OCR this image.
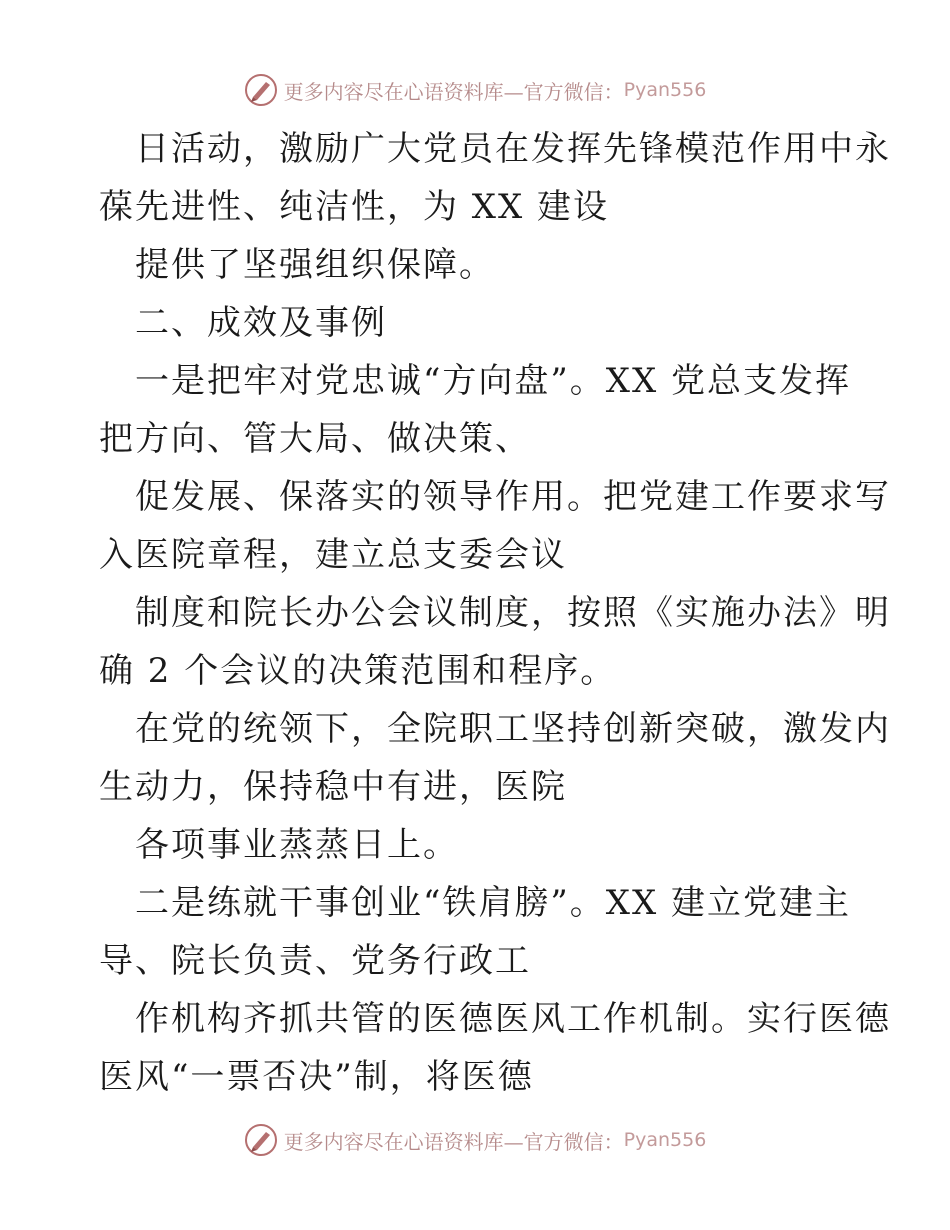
更多内容尽在心语资料库—官方微信： Pyan556
日活动，激励广大党员在发挥先锋模范作用中永
葆先进性、纯洁性，为 XX 建设
提供了坚强组织保障。
二、成效及事例
一是把牢对党忠诚“方向盘”。XX 党总支发挥
把方向、管大局、做决策、
促发展、保落实的领导作用。把党建工作要求写
入医院章程，建立总支委会议
制度和院长办公会议制度，按照《实施办法》明
确 2 个会议的决策范围和程序。
在党的统领下，全院职工坚持创新突破，激发内
生动力，保持稳中有进，医院
各项事业蒸蒸日上。
二是练就干事创业“铁肩膀”。XX 建立党建主
导、院长负责、党务行政工
作机构齐抓共管的医德医风工作机制。实行医德
医风“一票否决”制，将医德
更多内容尽在心语资料库—官方微信： Pyan556
